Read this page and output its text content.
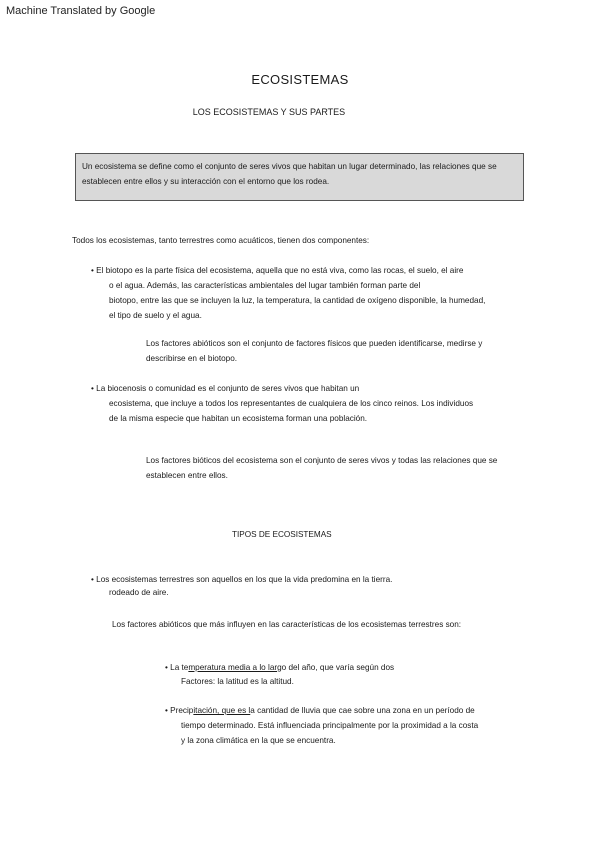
Machine Translated by Google
ECOSISTEMAS
LOS ECOSISTEMAS Y SUS PARTES
Un ecosistema se define como el conjunto de seres vivos que habitan un lugar determinado, las relaciones que se
establecen entre ellos y su interacción con el entorno que los rodea.
Todos los ecosistemas, tanto terrestres como acuáticos, tienen dos componentes:
• El biotopo es la parte física del ecosistema, aquella que no está viva, como las rocas, el suelo, el aire
o el agua. Además, las características ambientales del lugar también forman parte del
biotopo, entre las que se incluyen la luz, la temperatura, la cantidad de oxígeno disponible, la humedad,
el tipo de suelo y el agua.
Los factores abióticos son el conjunto de factores físicos que pueden identificarse, medirse y
describirse en el biotopo.
• La biocenosis o comunidad es el conjunto de seres vivos que habitan un
ecosistema, que incluye a todos los representantes de cualquiera de los cinco reinos. Los individuos
de la misma especie que habitan un ecosistema forman una población.
Los factores bióticos del ecosistema son el conjunto de seres vivos y todas las relaciones que se
establecen entre ellos.
TIPOS DE ECOSISTEMAS
• Los ecosistemas terrestres son aquellos en los que la vida predomina en la tierra.
rodeado de aire.
Los factores abióticos que más influyen en las características de los ecosistemas terrestres son:
• La temperatura media a lo largo del año, que varía según dos
Factores: la latitud es la altitud.
• Precipitación, que es la cantidad de lluvia que cae sobre una zona en un período de
tiempo determinado. Está influenciada principalmente por la proximidad a la costa
y la zona climática en la que se encuentra.
